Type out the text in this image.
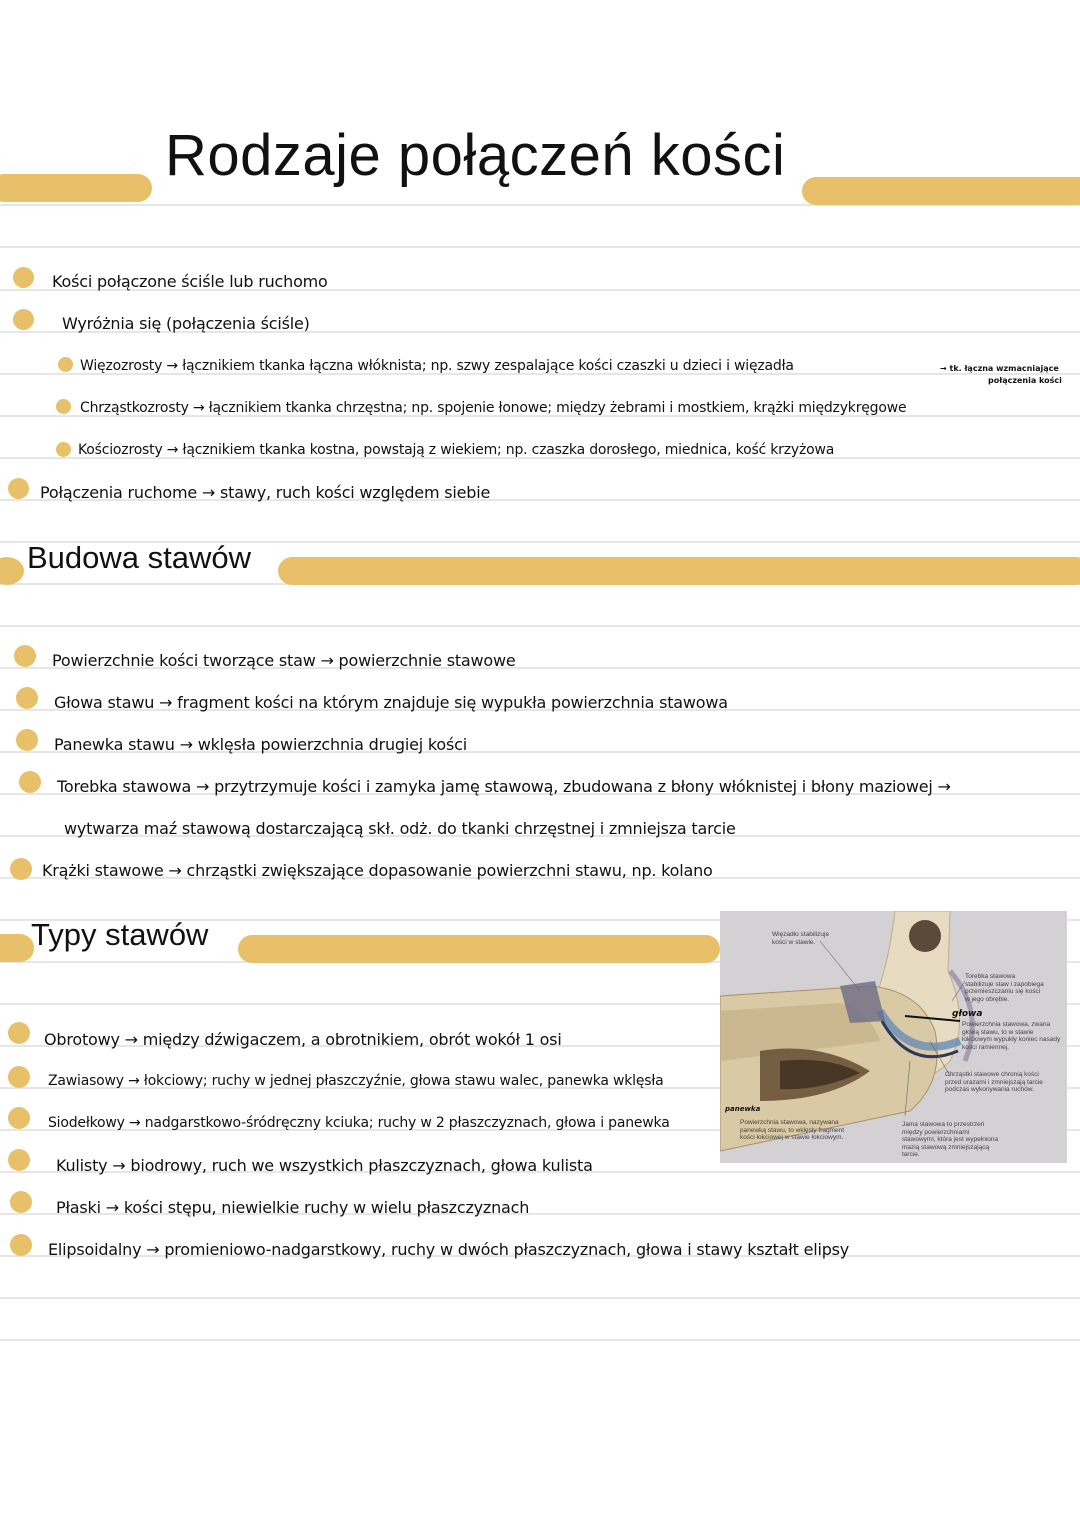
Rodzaje połączeń kości
Kości połączone ściśle lub ruchomo
Wyróżnia się (połączenia ściśle)
Więzozrosty → łącznikiem tkanka łączna włóknista; np. szwy zespalające kości czaszki u dzieci i więzadła	→ tk. łączna wzmacniające
połączenia kości
Chrząstkozrosty → łącznikiem tkanka chrzęstna; np. spojenie łonowe; między żebrami i mostkiem, krążki międzykręgowe
Kościozrosty → łącznikiem tkanka kostna, powstają z wiekiem; np. czaszka dorosłego, miednica, kość krzyżowa
Połączenia ruchome → stawy, ruch kości względem siebie
Budowa stawów
Powierzchnie kości tworzące staw → powierzchnie stawowe
Głowa stawu → fragment kości na którym znajduje się wypukła powierzchnia stawowa
Panewka stawu → wklęsła powierzchnia drugiej kości
Torebka stawowa → przytrzymuje kości i zamyka jamę stawową, zbudowana z błony włóknistej i błony maziowej →
wytwarza maź stawową dostarczającą skł. odż. do tkanki chrzęstnej i zmniejsza tarcie
Krążki stawowe → chrząstki zwiększające dopasowanie powierzchni stawu, np. kolano
Typy stawów
Obrotowy → między dźwigaczem, a obrotnikiem, obrót wokół 1 osi
Zawiasowy → łokciowy; ruchy w jednej płaszczyźnie, głowa stawu walec, panewka wklęsła
Siodełkowy → nadgarstkowo-śródręczny kciuka; ruchy w 2 płaszczyznach, głowa i panewka
Kulisty → biodrowy, ruch we wszystkich płaszczyznach, głowa kulista
Płaski → kości stępu, niewielkie ruchy w wielu płaszczyznach
Elipsoidalny → promieniowo-nadgarstkowy, ruchy w dwóch płaszczyznach, głowa i stawy kształt elipsy
Więzadło stabilizuje kości w stawie.
Torebka stawowa stabilizuje staw i zapobiega przemieszczaniu się kości w jego obrębie.
Powierzchnia stawowa, zwana głową stawu, to w stawie łokciowym wypukły koniec nasady kości ramiennej.
Chrząstki stawowe chronią kości przed urazami i zmniejszają tarcie podczas wykonywania ruchów.
Powierzchnia stawowa, nazywana panewką stawu, to wklęsły fragment kości łokciowej w stawie łokciowym.
Jama stawowa to przestrzeń między powierzchniami stawowymi, która jest wypełniona mazią stawową zmniejszającą tarcie.
głowa
panewka
